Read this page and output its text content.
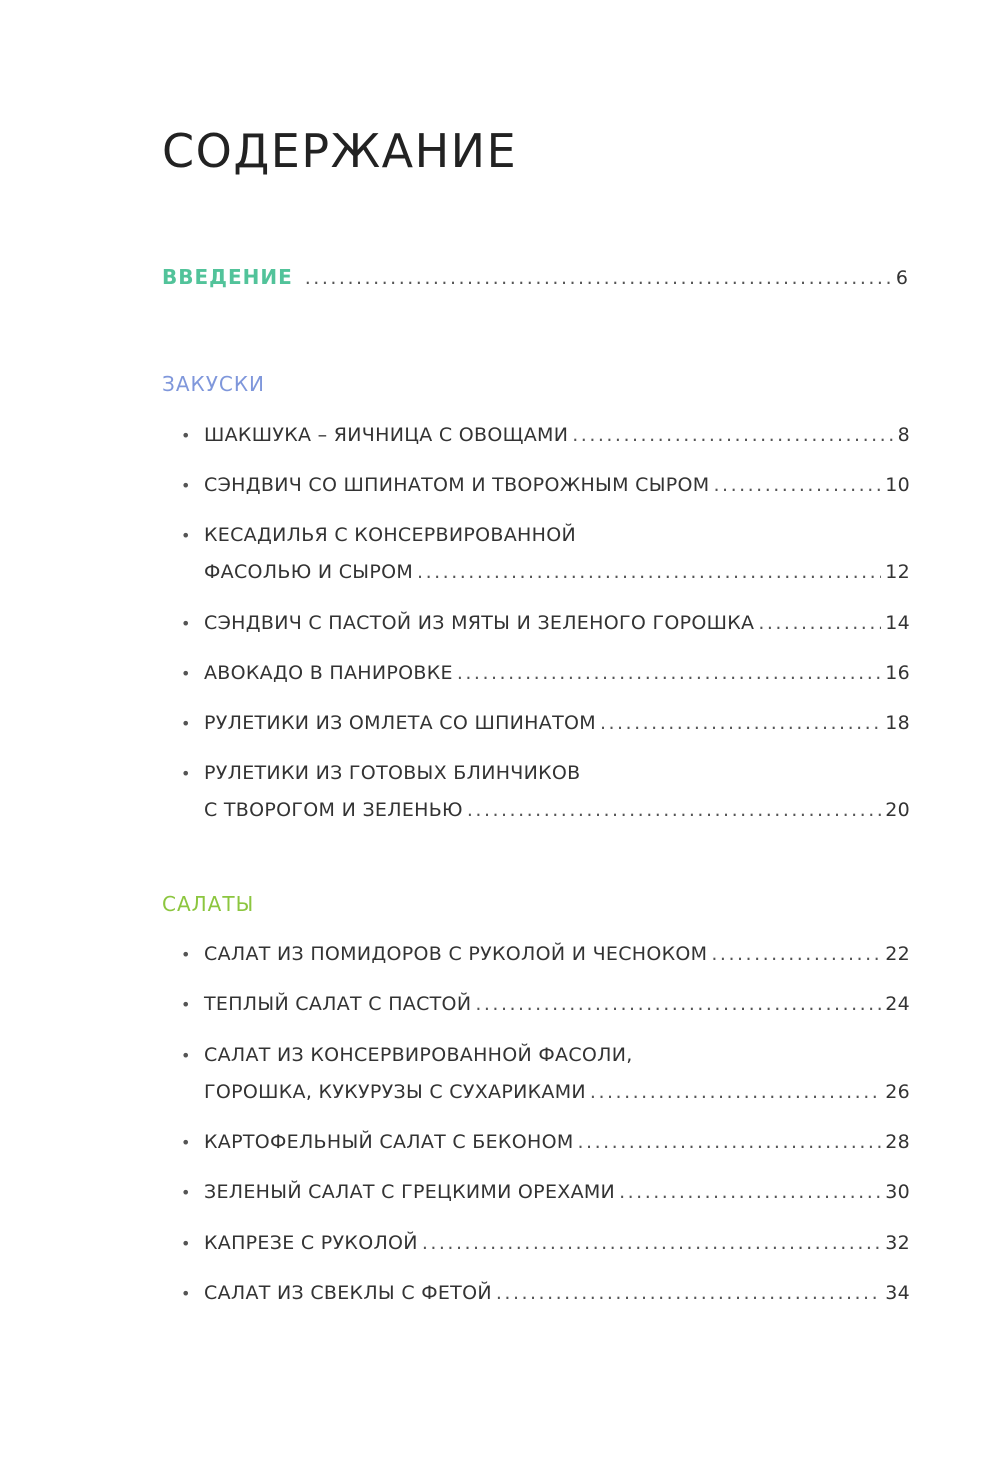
СОДЕРЖАНИЕ
ВВЕДЕНИЕ .....	6
ЗАКУСКИ
• ШАКШУКА – ЯИЧНИЦА С ОВОЩАМИ .....	8
• СЭНДВИЧ СО ШПИНАТОМ И ТВОРОЖНЫМ СЫРОМ .....	10
• КЕСАДИЛЬЯ С КОНСЕРВИРОВАННОЙ
ФАСОЛЬЮ И СЫРОМ .....	12
• СЭНДВИЧ С ПАСТОЙ ИЗ МЯТЫ И ЗЕЛЕНОГО ГОРОШКА .....	14
• АВОКАДО В ПАНИРОВКЕ .....	16
• РУЛЕТИКИ ИЗ ОМЛЕТА СО ШПИНАТОМ .....	18
• РУЛЕТИКИ ИЗ ГОТОВЫХ БЛИНЧИКОВ
С ТВОРОГОМ И ЗЕЛЕНЬЮ .....	20
САЛАТЫ
• САЛАТ ИЗ ПОМИДОРОВ С РУКОЛОЙ И ЧЕСНОКОМ .....	22
• ТЕПЛЫЙ САЛАТ С ПАСТОЙ .....	24
• САЛАТ ИЗ КОНСЕРВИРОВАННОЙ ФАСОЛИ,
ГОРОШКА, КУКУРУЗЫ С СУХАРИКАМИ .....	26
• КАРТОФЕЛЬНЫЙ САЛАТ С БЕКОНОМ .....	28
• ЗЕЛЕНЫЙ САЛАТ С ГРЕЦКИМИ ОРЕХАМИ .....	30
• КАПРЕЗЕ С РУКОЛОЙ .....	32
• САЛАТ ИЗ СВЕКЛЫ С ФЕТОЙ .....	34
